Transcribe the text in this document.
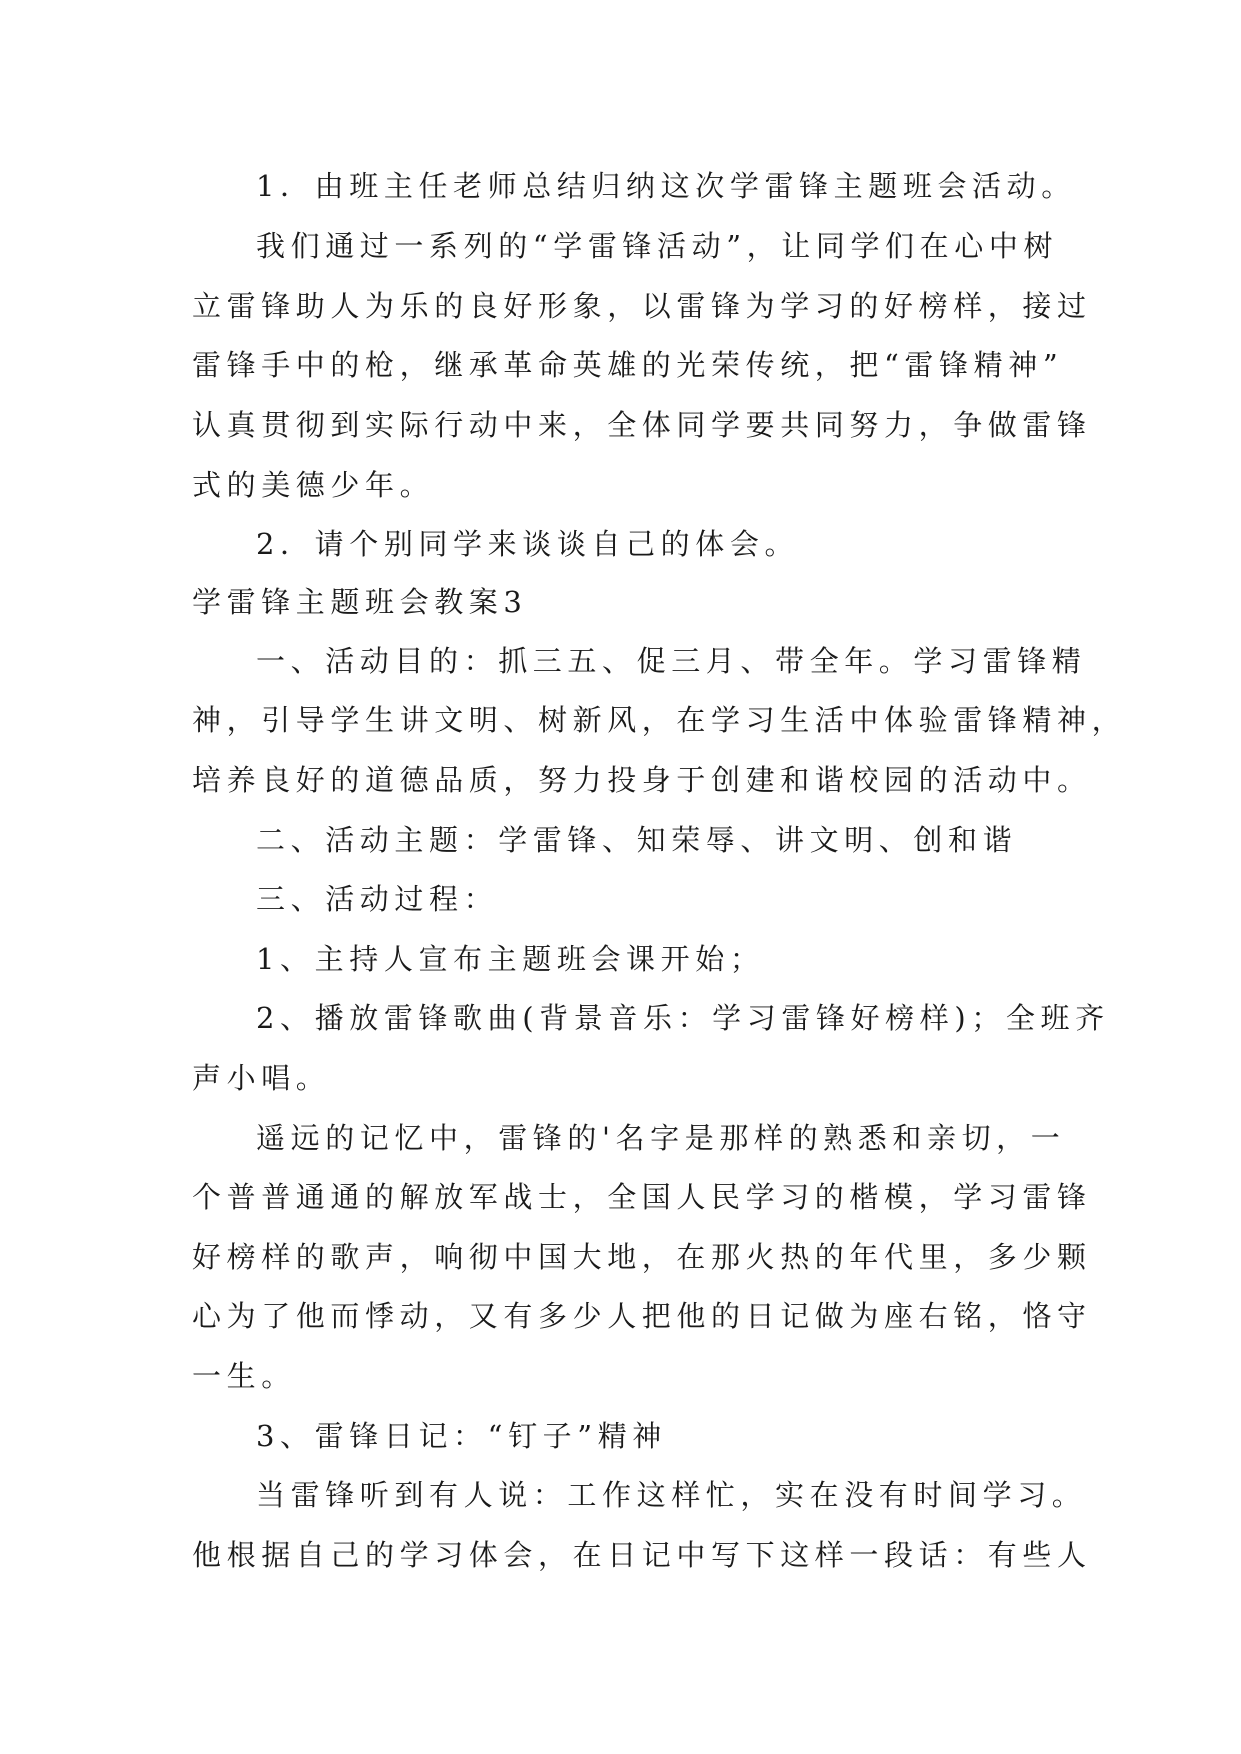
1．由班主任老师总结归纳这次学雷锋主题班会活动。
我们通过一系列的“学雷锋活动”，让同学们在心中树
立雷锋助人为乐的良好形象，以雷锋为学习的好榜样，接过
雷锋手中的枪，继承革命英雄的光荣传统，把“雷锋精神”
认真贯彻到实际行动中来，全体同学要共同努力，争做雷锋
式的美德少年。
2．请个别同学来谈谈自己的体会。
学雷锋主题班会教案3
一、活动目的：抓三五、促三月、带全年。学习雷锋精
神，引导学生讲文明、树新风，在学习生活中体验雷锋精神，
培养良好的道德品质，努力投身于创建和谐校园的活动中。
二、活动主题：学雷锋、知荣辱、讲文明、创和谐
三、活动过程：
1、主持人宣布主题班会课开始；
2、播放雷锋歌曲(背景音乐：学习雷锋好榜样)；全班齐
声小唱。
遥远的记忆中，雷锋的'名字是那样的熟悉和亲切，一
个普普通通的解放军战士，全国人民学习的楷模，学习雷锋
好榜样的歌声，响彻中国大地，在那火热的年代里，多少颗
心为了他而悸动，又有多少人把他的日记做为座右铭，恪守
一生。
3、雷锋日记：“钉子”精神
当雷锋听到有人说：工作这样忙，实在没有时间学习。
他根据自己的学习体会，在日记中写下这样一段话：有些人
